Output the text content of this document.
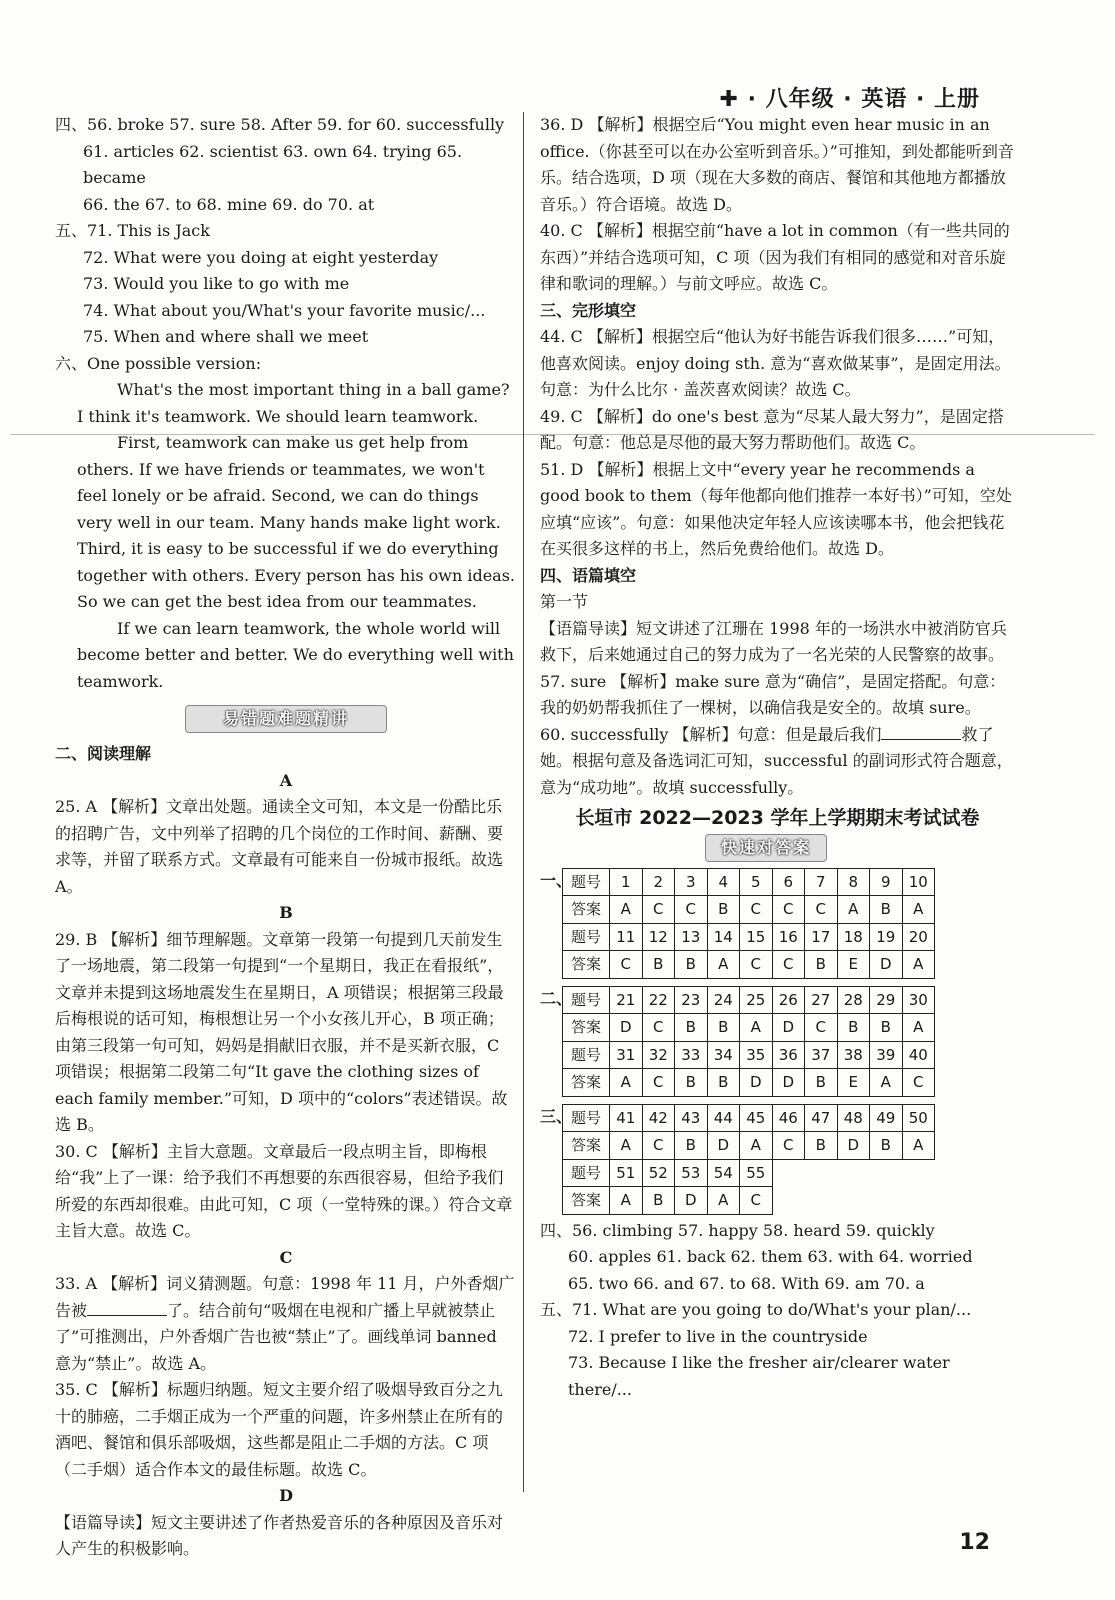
✚ · 八年级 · 英语 · 上册

四、56. broke 57. sure 58. After 59. for 60. successfully

61. articles 62. scientist 63. own 64. trying 65. became

66. the 67. to 68. mine 69. do 70. at

五、71. This is Jack

72. What were you doing at eight yesterday

73. Would you like to go with me

74. What about you/What's your favorite music/...

75. When and where shall we meet

六、One possible version:

What's the most important thing in a ball game? I think it's teamwork. We should learn teamwork.

First, teamwork can make us get help from others. If we have friends or teammates, we won't feel lonely or be afraid. Second, we can do things very well in our team. Many hands make light work. Third, it is easy to be successful if we do everything together with others. Every person has his own ideas. So we can get the best idea from our teammates.

If we can learn teamwork, the whole world will become better and better. We do everything well with teamwork.

易错题难题精讲

二、阅读理解

A

25. A 【解析】文章出处题。通读全文可知，本文是一份酷比乐的招聘广告，文中列举了招聘的几个岗位的工作时间、薪酬、要求等，并留了联系方式。文章最有可能来自一份城市报纸。故选 A。

B

29. B 【解析】细节理解题。文章第一段第一句提到几天前发生了一场地震，第二段第一句提到“一个星期日，我正在看报纸”，文章并未提到这场地震发生在星期日，A 项错误；根据第三段最后梅根说的话可知，梅根想让另一个小女孩儿开心，B 项正确；由第三段第一句可知，妈妈是捐献旧衣服，并不是买新衣服，C 项错误；根据第二段第二句“It gave the clothing sizes of each family member.”可知，D 项中的“colors”表述错误。故选 B。

30. C 【解析】主旨大意题。文章最后一段点明主旨，即梅根给“我”上了一课：给予我们不再想要的东西很容易，但给予我们所爱的东西却很难。由此可知，C 项（一堂特殊的课。）符合文章主旨大意。故选 C。

C

33. A 【解析】词义猜测题。句意：1998 年 11 月，户外香烟广告被	了。结合前句“吸烟在电视和广播上早就被禁止了”可推测出，户外香烟广告也被“禁止”了。画线单词 banned 意为“禁止”。故选 A。

35. C 【解析】标题归纳题。短文主要介绍了吸烟导致百分之九十的肺癌，二手烟正成为一个严重的问题，许多州禁止在所有的酒吧、餐馆和俱乐部吸烟，这些都是阻止二手烟的方法。C 项（二手烟）适合作本文的最佳标题。故选 C。

D

【语篇导读】短文主要讲述了作者热爱音乐的各种原因及音乐对人产生的积极影响。

36. D 【解析】根据空后“You might even hear music in an office.（你甚至可以在办公室听到音乐。）”可推知，到处都能听到音乐。结合选项，D 项（现在大多数的商店、餐馆和其他地方都播放音乐。）符合语境。故选 D。

40. C 【解析】根据空前“have a lot in common（有一些共同的东西）”并结合选项可知，C 项（因为我们有相同的感觉和对音乐旋律和歌词的理解。）与前文呼应。故选 C。

三、完形填空

44. C 【解析】根据空后“他认为好书能告诉我们很多……”可知，他喜欢阅读。enjoy doing sth. 意为“喜欢做某事”，是固定用法。句意：为什么比尔 · 盖茨喜欢阅读？故选 C。

49. C 【解析】do one's best 意为“尽某人最大努力”，是固定搭配。句意：他总是尽他的最大努力帮助他们。故选 C。

51. D 【解析】根据上文中“every year he recommends a good book to them（每年他都向他们推荐一本好书）”可知，空处应填“应该”。句意：如果他决定年轻人应该读哪本书，他会把钱花在买很多这样的书上，然后免费给他们。故选 D。

四、语篇填空

第一节

【语篇导读】短文讲述了江珊在 1998 年的一场洪水中被消防官兵救下，后来她通过自己的努力成为了一名光荣的人民警察的故事。

57. sure 【解析】make sure 意为“确信”，是固定搭配。句意：我的奶奶帮我抓住了一棵树，以确信我是安全的。故填 sure。

60. successfully 【解析】句意：但是最后我们	救了她。根据句意及备选词汇可知，successful 的副词形式符合题意，意为“成功地”。故填 successfully。

长垣市 2022—2023 学年上学期期末考试试卷
快速对答案
一、题号	1	2	3	4	5	6	7	8	9	10
答案	A	C	C	B	C	C	C	A	B	A
题号	11	12	13	14	15	16	17	18	19	20
答案	C	B	B	A	C	C	B	E	D	A
二、题号	21	22	23	24	25	26	27	28	29	30
答案	D	C	B	B	A	D	C	B	B	A
题号	31	32	33	34	35	36	37	38	39	40
答案	A	C	B	B	D	D	B	E	A	C
三、题号	41	42	43	44	45	46	47	48	49	50
答案	A	C	B	D	A	C	B	D	B	A
题号	51	52	53	54	55					
答案	A	B	D	A	C					

四、56. climbing 57. happy 58. heard 59. quickly

60. apples 61. back 62. them 63. with 64. worried

65. two 66. and 67. to 68. With 69. am 70. a

五、71. What are you going to do/What's your plan/...

72. I prefer to live in the countryside

73. Because I like the fresher air/clearer water there/...

12
